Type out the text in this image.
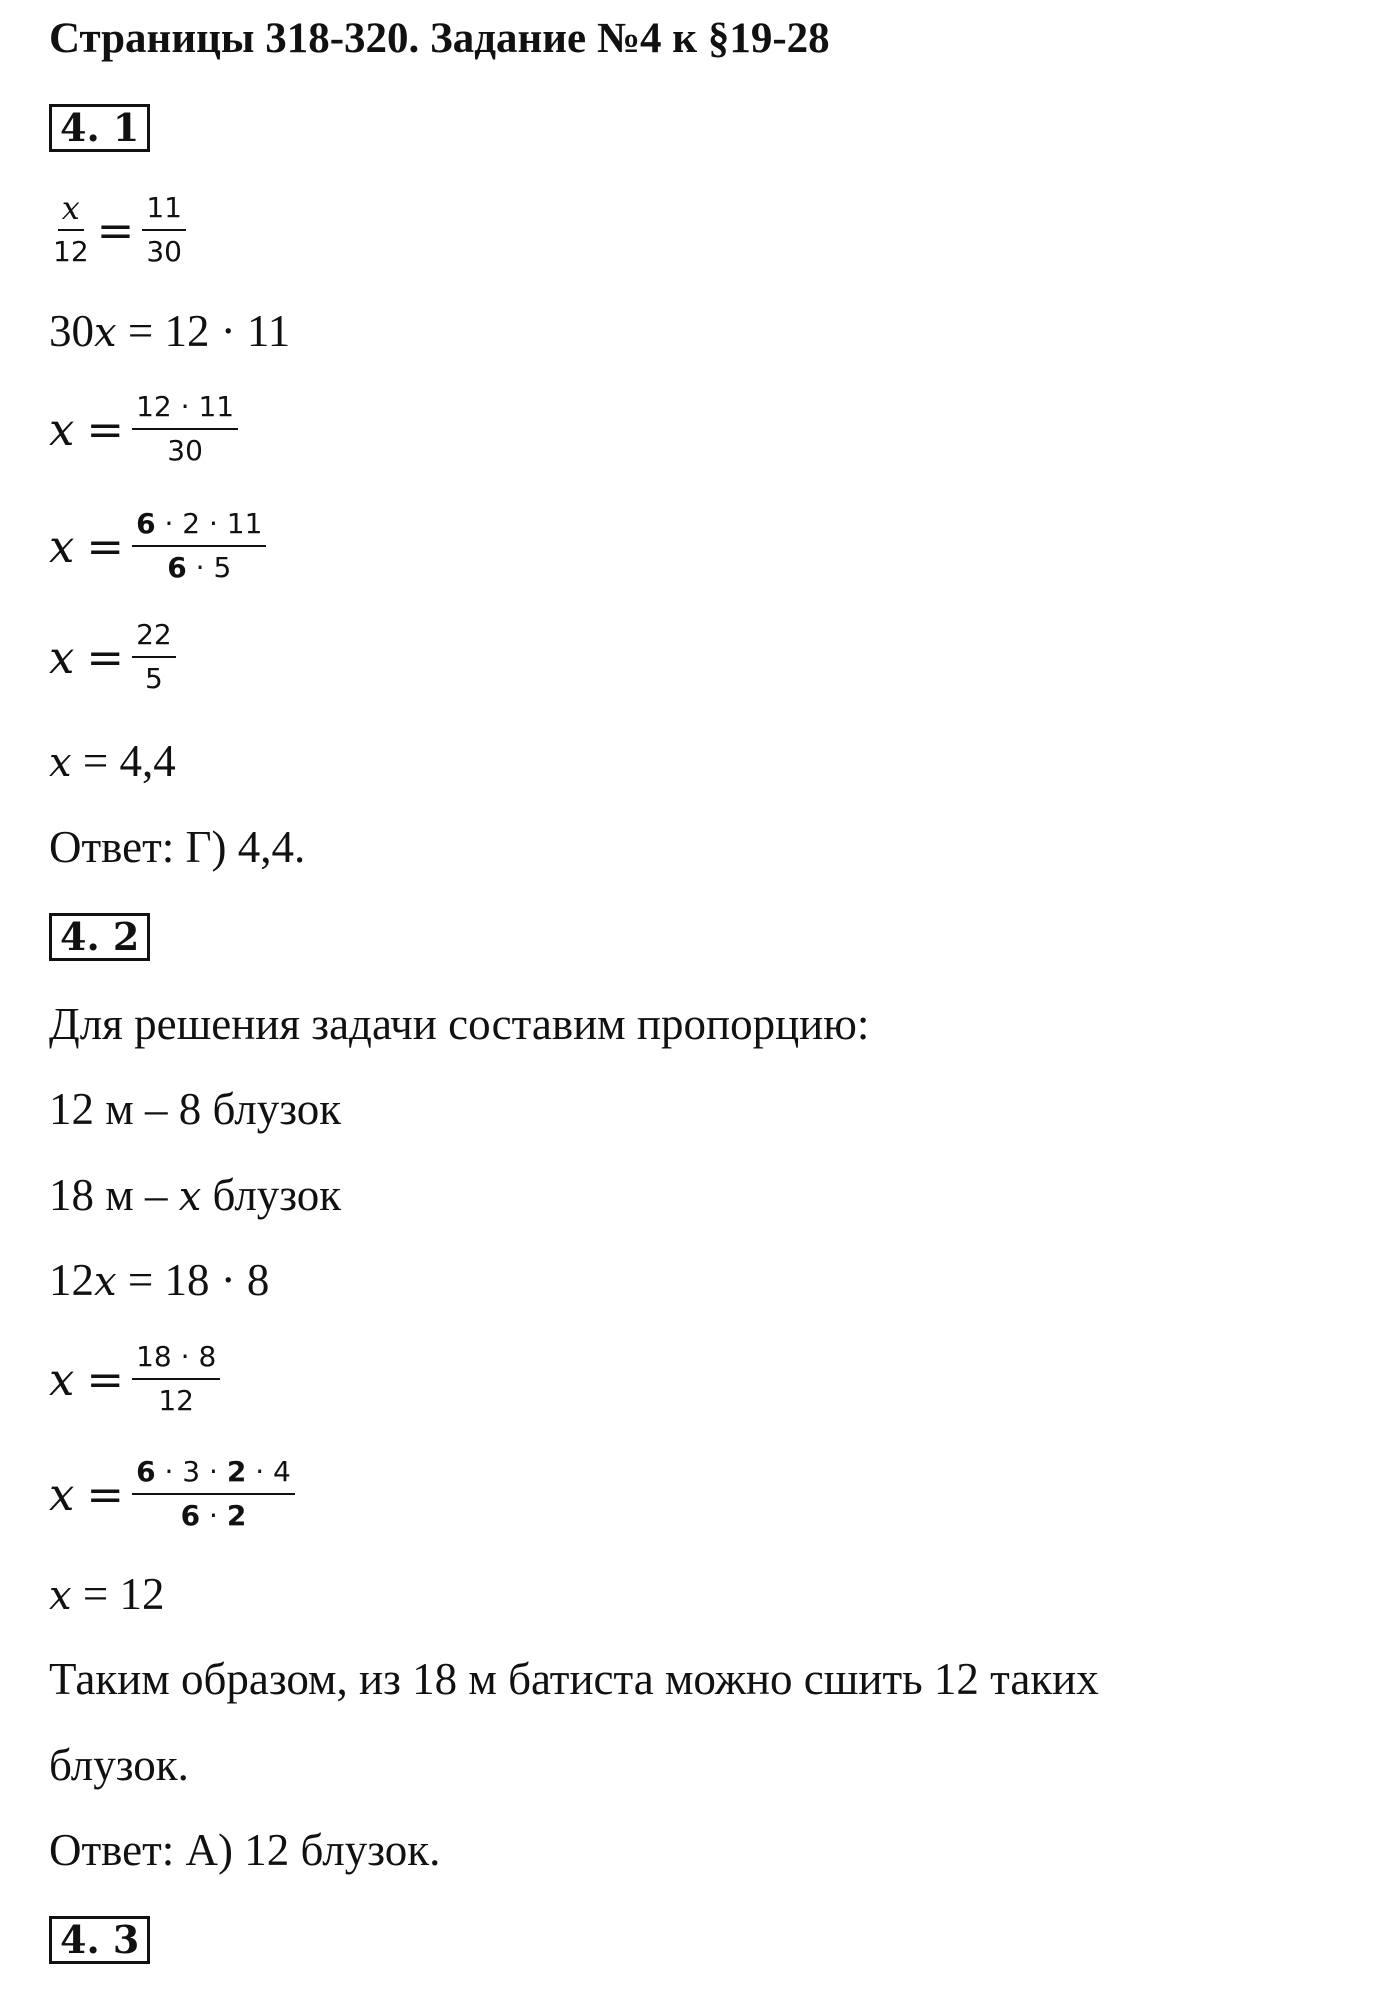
Страницы 318-320. Задание №4 к §19-28
4. 1
$\frac{x}{12} = \frac{11}{30}$
30x = 12 · 11
$x = \frac{12 \cdot 11}{30}$
$x = \frac{6 \cdot 2 \cdot 11}{6 \cdot 5}$
$x = \frac{22}{5}$
x = 4,4
Ответ: Г) 4,4.
4. 2
Для решения задачи составим пропорцию:
12 м – 8 блузок
18 м – x блузок
12x = 18 · 8
$x = \frac{18 \cdot 8}{12}$
$x = \frac{6 \cdot 3 \cdot 2 \cdot 4}{6 \cdot 2}$
x = 12
Таким образом, из 18 м батиста можно сшить 12 таких
блузок.
Ответ: А) 12 блузок.
4. 3
